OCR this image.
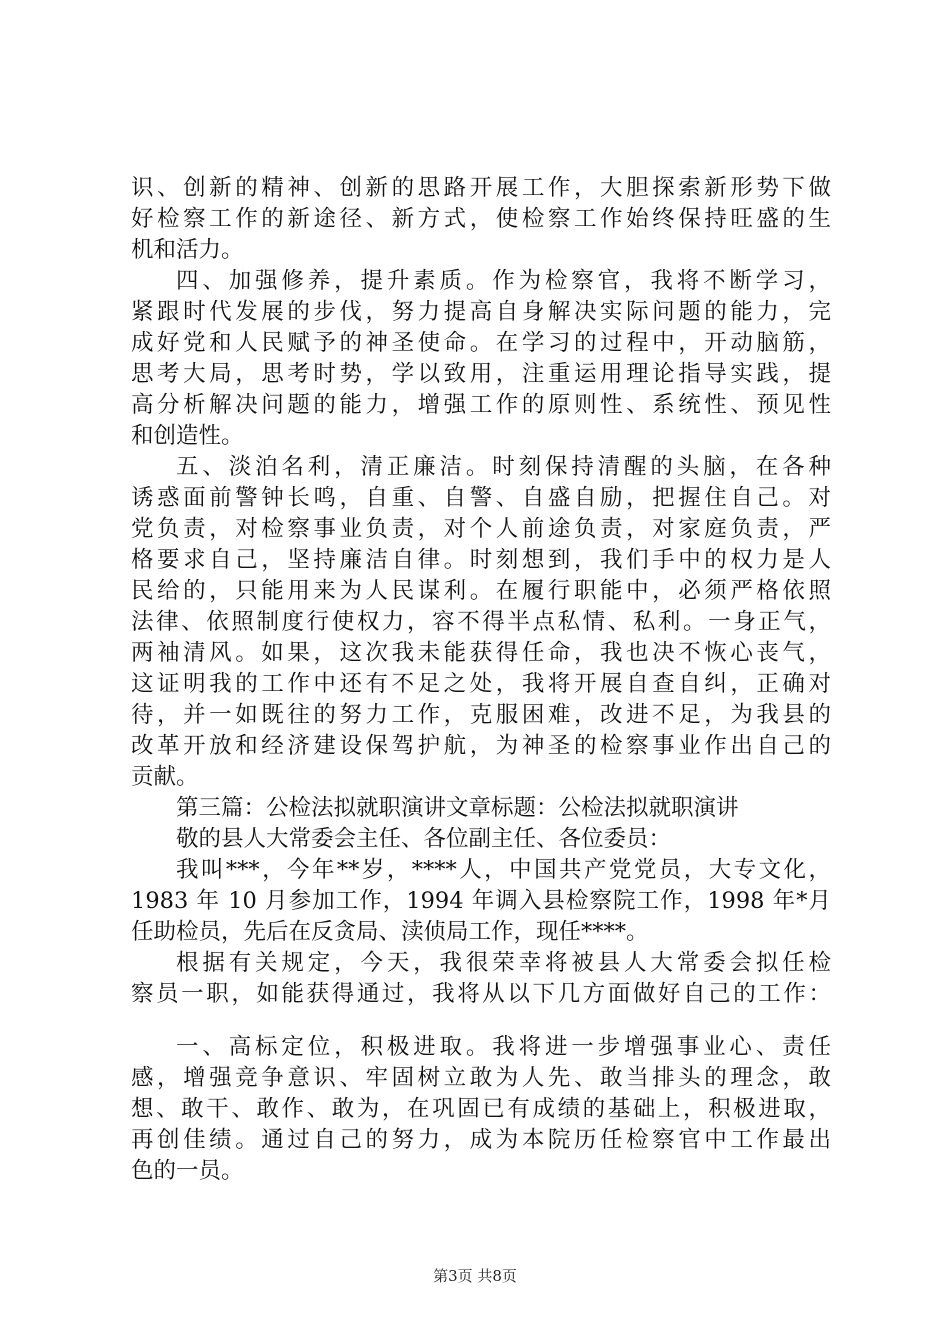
识、创新的精神、创新的思路开展工作，大胆探索新形势下做
好检察工作的新途径、新方式，使检察工作始终保持旺盛的生
机和活力。
四、加强修养，提升素质。作为检察官，我将不断学习，
紧跟时代发展的步伐，努力提高自身解决实际问题的能力，完
成好党和人民赋予的神圣使命。在学习的过程中，开动脑筋，
思考大局，思考时势，学以致用，注重运用理论指导实践，提
高分析解决问题的能力，增强工作的原则性、系统性、预见性
和创造性。
五、淡泊名利，清正廉洁。时刻保持清醒的头脑，在各种
诱惑面前警钟长鸣，自重、自警、自盛自励，把握住自己。对
党负责，对检察事业负责，对个人前途负责，对家庭负责，严
格要求自己，坚持廉洁自律。时刻想到，我们手中的权力是人
民给的，只能用来为人民谋利。在履行职能中，必须严格依照
法律、依照制度行使权力，容不得半点私情、私利。一身正气，
两袖清风。如果，这次我未能获得任命，我也决不恢心丧气，
这证明我的工作中还有不足之处，我将开展自查自纠，正确对
待，并一如既往的努力工作，克服困难，改进不足，为我县的
改革开放和经济建设保驾护航，为神圣的检察事业作出自己的
贡献。
第三篇：公检法拟就职演讲文章标题：公检法拟就职演讲
敬的县人大常委会主任、各位副主任、各位委员：
我叫***，今年**岁，****人，中国共产党党员，大专文化，
1983 年 10 月参加工作，1994 年调入县检察院工作，1998 年*月
任助检员，先后在反贪局、渎侦局工作，现任****。
根据有关规定，今天，我很荣幸将被县人大常委会拟任检
察员一职，如能获得通过，我将从以下几方面做好自己的工作：
一、高标定位，积极进取。我将进一步增强事业心、责任
感，增强竞争意识、牢固树立敢为人先、敢当排头的理念，敢
想、敢干、敢作、敢为，在巩固已有成绩的基础上，积极进取，
再创佳绩。通过自己的努力，成为本院历任检察官中工作最出
色的一员。
第3页 共8页
